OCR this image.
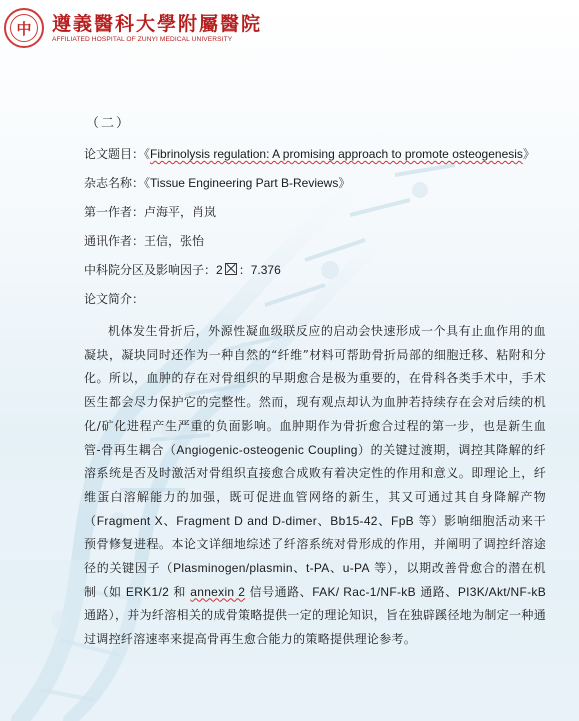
中 遵義醫科大學附屬醫院
AFFILIATED HOSPITAL OF ZUNYI MEDICAL UNIVERSITY
（二）
论文题目：《Fibrinolysis regulation: A promising approach to promote osteogenesis》
杂志名称：《Tissue Engineering Part B-Reviews》
第一作者：卢海平，肖岚
通讯作者：王信，张怡
中科院分区及影响因子：2 ：7.376
论文简介：

机体发生骨折后，外源性凝血级联反应的启动会快速形成一个具有止血作用的血凝块，凝块同时还作为一种自然的“纤维”材料可帮助骨折局部的细胞迁移、粘附和分化。所以，血肿的存在对骨组织的早期愈合是极为重要的，在骨科各类手术中，手术医生都会尽力保护它的完整性。然而，现有观点却认为血肿若持续存在会对后续的机化/矿化进程产生严重的负面影响。血肿期作为骨折愈合过程的第一步，也是新生血管-骨再生耦合（Angiogenic-osteogenic Coupling）的关键过渡期，调控其降解的纤溶系统是否及时激活对骨组织直接愈合成败有着决定性的作用和意义。即理论上，纤维蛋白溶解能力的加强，既可促进血管网络的新生，其又可通过其自身降解产物（Fragment X、Fragment D and D-dimer、Bb15-42、FpB 等）影响细胞活动来干预骨修复进程。本论文详细地综述了纤溶系统对骨形成的作用，并阐明了调控纤溶途径的关键因子（Plasminogen/plasmin、t-PA、u-PA 等），以期改善骨愈合的潜在机制（如 ERK1/2 和 annexin 2 信号通路、FAK/ Rac-1/NF-kB 通路、PI3K/Akt/NF-kB 通路），并为纤溶相关的成骨策略提供一定的理论知识，旨在独辟蹊径地为制定一种通过调控纤溶速率来提高骨再生愈合能力的策略提供理论参考。
